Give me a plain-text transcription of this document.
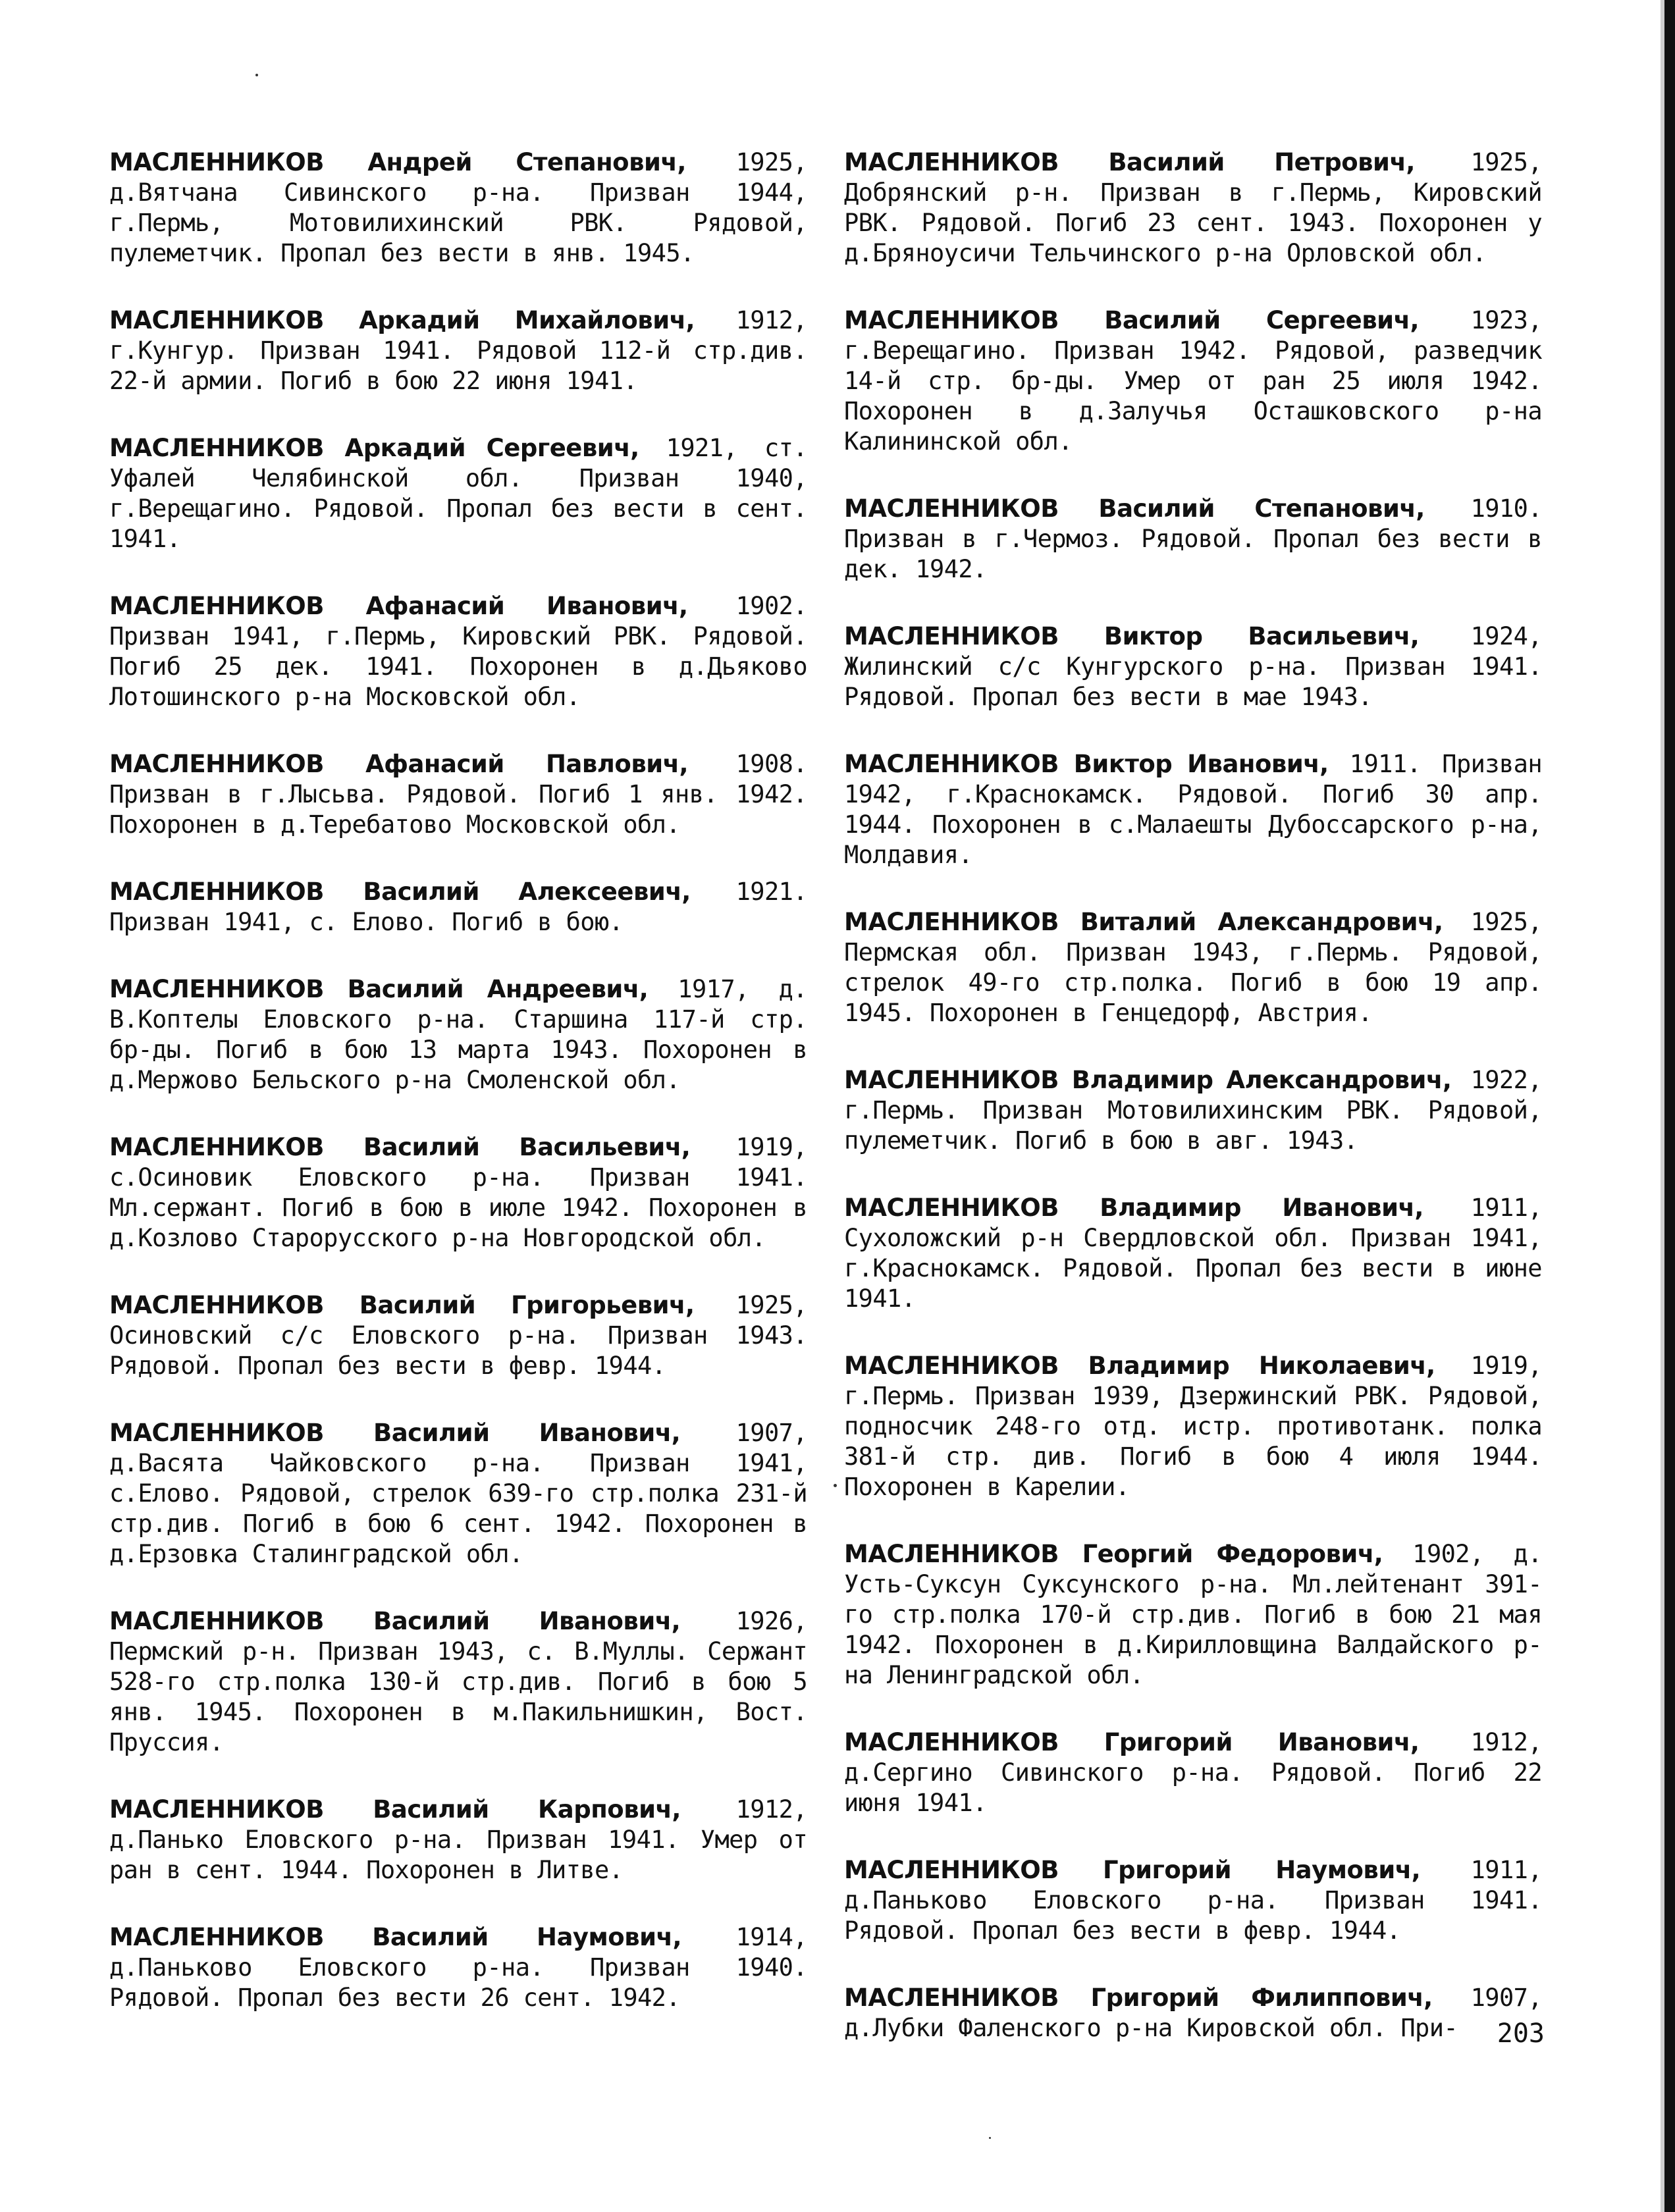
МАСЛЕННИКОВ Андрей Степанович, 1925, д.Вятчана Сивинского р-на. Призван 1944, г.Пермь, Мотовилихинский РВК. Рядовой, пулеметчик. Пропал без вести в янв. 1945.

МАСЛЕННИКОВ Аркадий Михайлович, 1912, г.Кунгур. Призван 1941. Рядовой 112-й стр.див. 22-й армии. Погиб в бою 22 июня 1941.

МАСЛЕННИКОВ Аркадий Сергеевич, 1921, ст. Уфалей Челябинской обл. Призван 1940, г.Верещагино. Рядовой. Пропал без вести в сент. 1941.

МАСЛЕННИКОВ Афанасий Иванович, 1902. Призван 1941, г.Пермь, Кировский РВК. Рядовой. Погиб 25 дек. 1941. Похоронен в д.Дьяково Лотошинского р-на Московской обл.

МАСЛЕННИКОВ Афанасий Павлович, 1908. Призван в г.Лысьва. Рядовой. Погиб 1 янв. 1942. Похоронен в д.Теребатово Московской обл.

МАСЛЕННИКОВ Василий Алексеевич, 1921. Призван 1941, с. Елово. Погиб в бою.

МАСЛЕННИКОВ Василий Андреевич, 1917, д. В.Коптелы Еловского р-на. Старшина 117-й стр. бр-ды. Погиб в бою 13 марта 1943. Похоронен в д.Мержово Бельского р-на Смоленской обл.

МАСЛЕННИКОВ Василий Васильевич, 1919, с.Осиновик Еловского р-на. Призван 1941. Мл.сержант. Погиб в бою в июле 1942. Похоронен в д.Козлово Старорусского р-на Новгородской обл.

МАСЛЕННИКОВ Василий Григорьевич, 1925, Осиновский с/с Еловского р-на. Призван 1943. Рядовой. Пропал без вести в февр. 1944.

МАСЛЕННИКОВ Василий Иванович, 1907, д.Васята Чайковского р-на. Призван 1941, с.Елово. Рядовой, стрелок 639-го стр.полка 231-й стр.див. Погиб в бою 6 сент. 1942. Похоронен в д.Ерзовка Сталинградской обл.

МАСЛЕННИКОВ Василий Иванович, 1926, Пермский р-н. Призван 1943, с. В.Муллы. Сержант 528-го стр.полка 130-й стр.див. Погиб в бою 5 янв. 1945. Похоронен в м.Пакильнишкин, Вост. Пруссия.

МАСЛЕННИКОВ Василий Карпович, 1912, д.Панько Еловского р-на. Призван 1941. Умер от ран в сент. 1944. Похоронен в Литве.

МАСЛЕННИКОВ Василий Наумович, 1914, д.Паньково Еловского р-на. Призван 1940. Рядовой. Пропал без вести 26 сент. 1942.

МАСЛЕННИКОВ Василий Петрович, 1925, Добрянский р-н. Призван в г.Пермь, Кировский РВК. Рядовой. Погиб 23 сент. 1943. Похоронен у д.Бряноусичи Тельчинского р-на Орловской обл.

МАСЛЕННИКОВ Василий Сергеевич, 1923, г.Верещагино. Призван 1942. Рядовой, разведчик 14-й стр. бр-ды. Умер от ран 25 июля 1942. Похоронен в д.Залучья Осташковского р-на Калининской обл.

МАСЛЕННИКОВ Василий Степанович, 1910. Призван в г.Чермоз. Рядовой. Пропал без вести в дек. 1942.

МАСЛЕННИКОВ Виктор Васильевич, 1924, Жилинский с/с Кунгурского р-на. Призван 1941. Рядовой. Пропал без вести в мае 1943.

МАСЛЕННИКОВ Виктор Иванович, 1911. Призван 1942, г.Краснокамск. Рядовой. Погиб 30 апр. 1944. Похоронен в с.Малаешты Дубоссарского р-на, Молдавия.

МАСЛЕННИКОВ Виталий Александрович, 1925, Пермская обл. Призван 1943, г.Пермь. Рядовой, стрелок 49-го стр.полка. Погиб в бою 19 апр. 1945. Похоронен в Генцедорф, Австрия.

МАСЛЕННИКОВ Владимир Александрович, 1922, г.Пермь. Призван Мотовилихинским РВК. Рядовой, пулеметчик. Погиб в бою в авг. 1943.

МАСЛЕННИКОВ Владимир Иванович, 1911, Сухоложский р-н Свердловской обл. Призван 1941, г.Краснокамск. Рядовой. Пропал без вести в июне 1941.

МАСЛЕННИКОВ Владимир Николаевич, 1919, г.Пермь. Призван 1939, Дзержинский РВК. Рядовой, подносчик 248-го отд. истр. противотанк. полка 381-й стр. див. Погиб в бою 4 июля 1944. Похоронен в Карелии.

МАСЛЕННИКОВ Георгий Федорович, 1902, д. Усть-Суксун Суксунского р-на. Мл.лейтенант 391-го стр.полка 170-й стр.див. Погиб в бою 21 мая 1942. Похоронен в д.Кирилловщина Валдайского р-на Ленинградской обл.

МАСЛЕННИКОВ Григорий Иванович, 1912, д.Сергино Сивинского р-на. Рядовой. Погиб 22 июня 1941.

МАСЛЕННИКОВ Григорий Наумович, 1911, д.Паньково Еловского р-на. Призван 1941. Рядовой. Пропал без вести в февр. 1944.

МАСЛЕННИКОВ Григорий Филиппович, 1907, д.Лубки Фаленского р-на Кировской обл. При-	203
